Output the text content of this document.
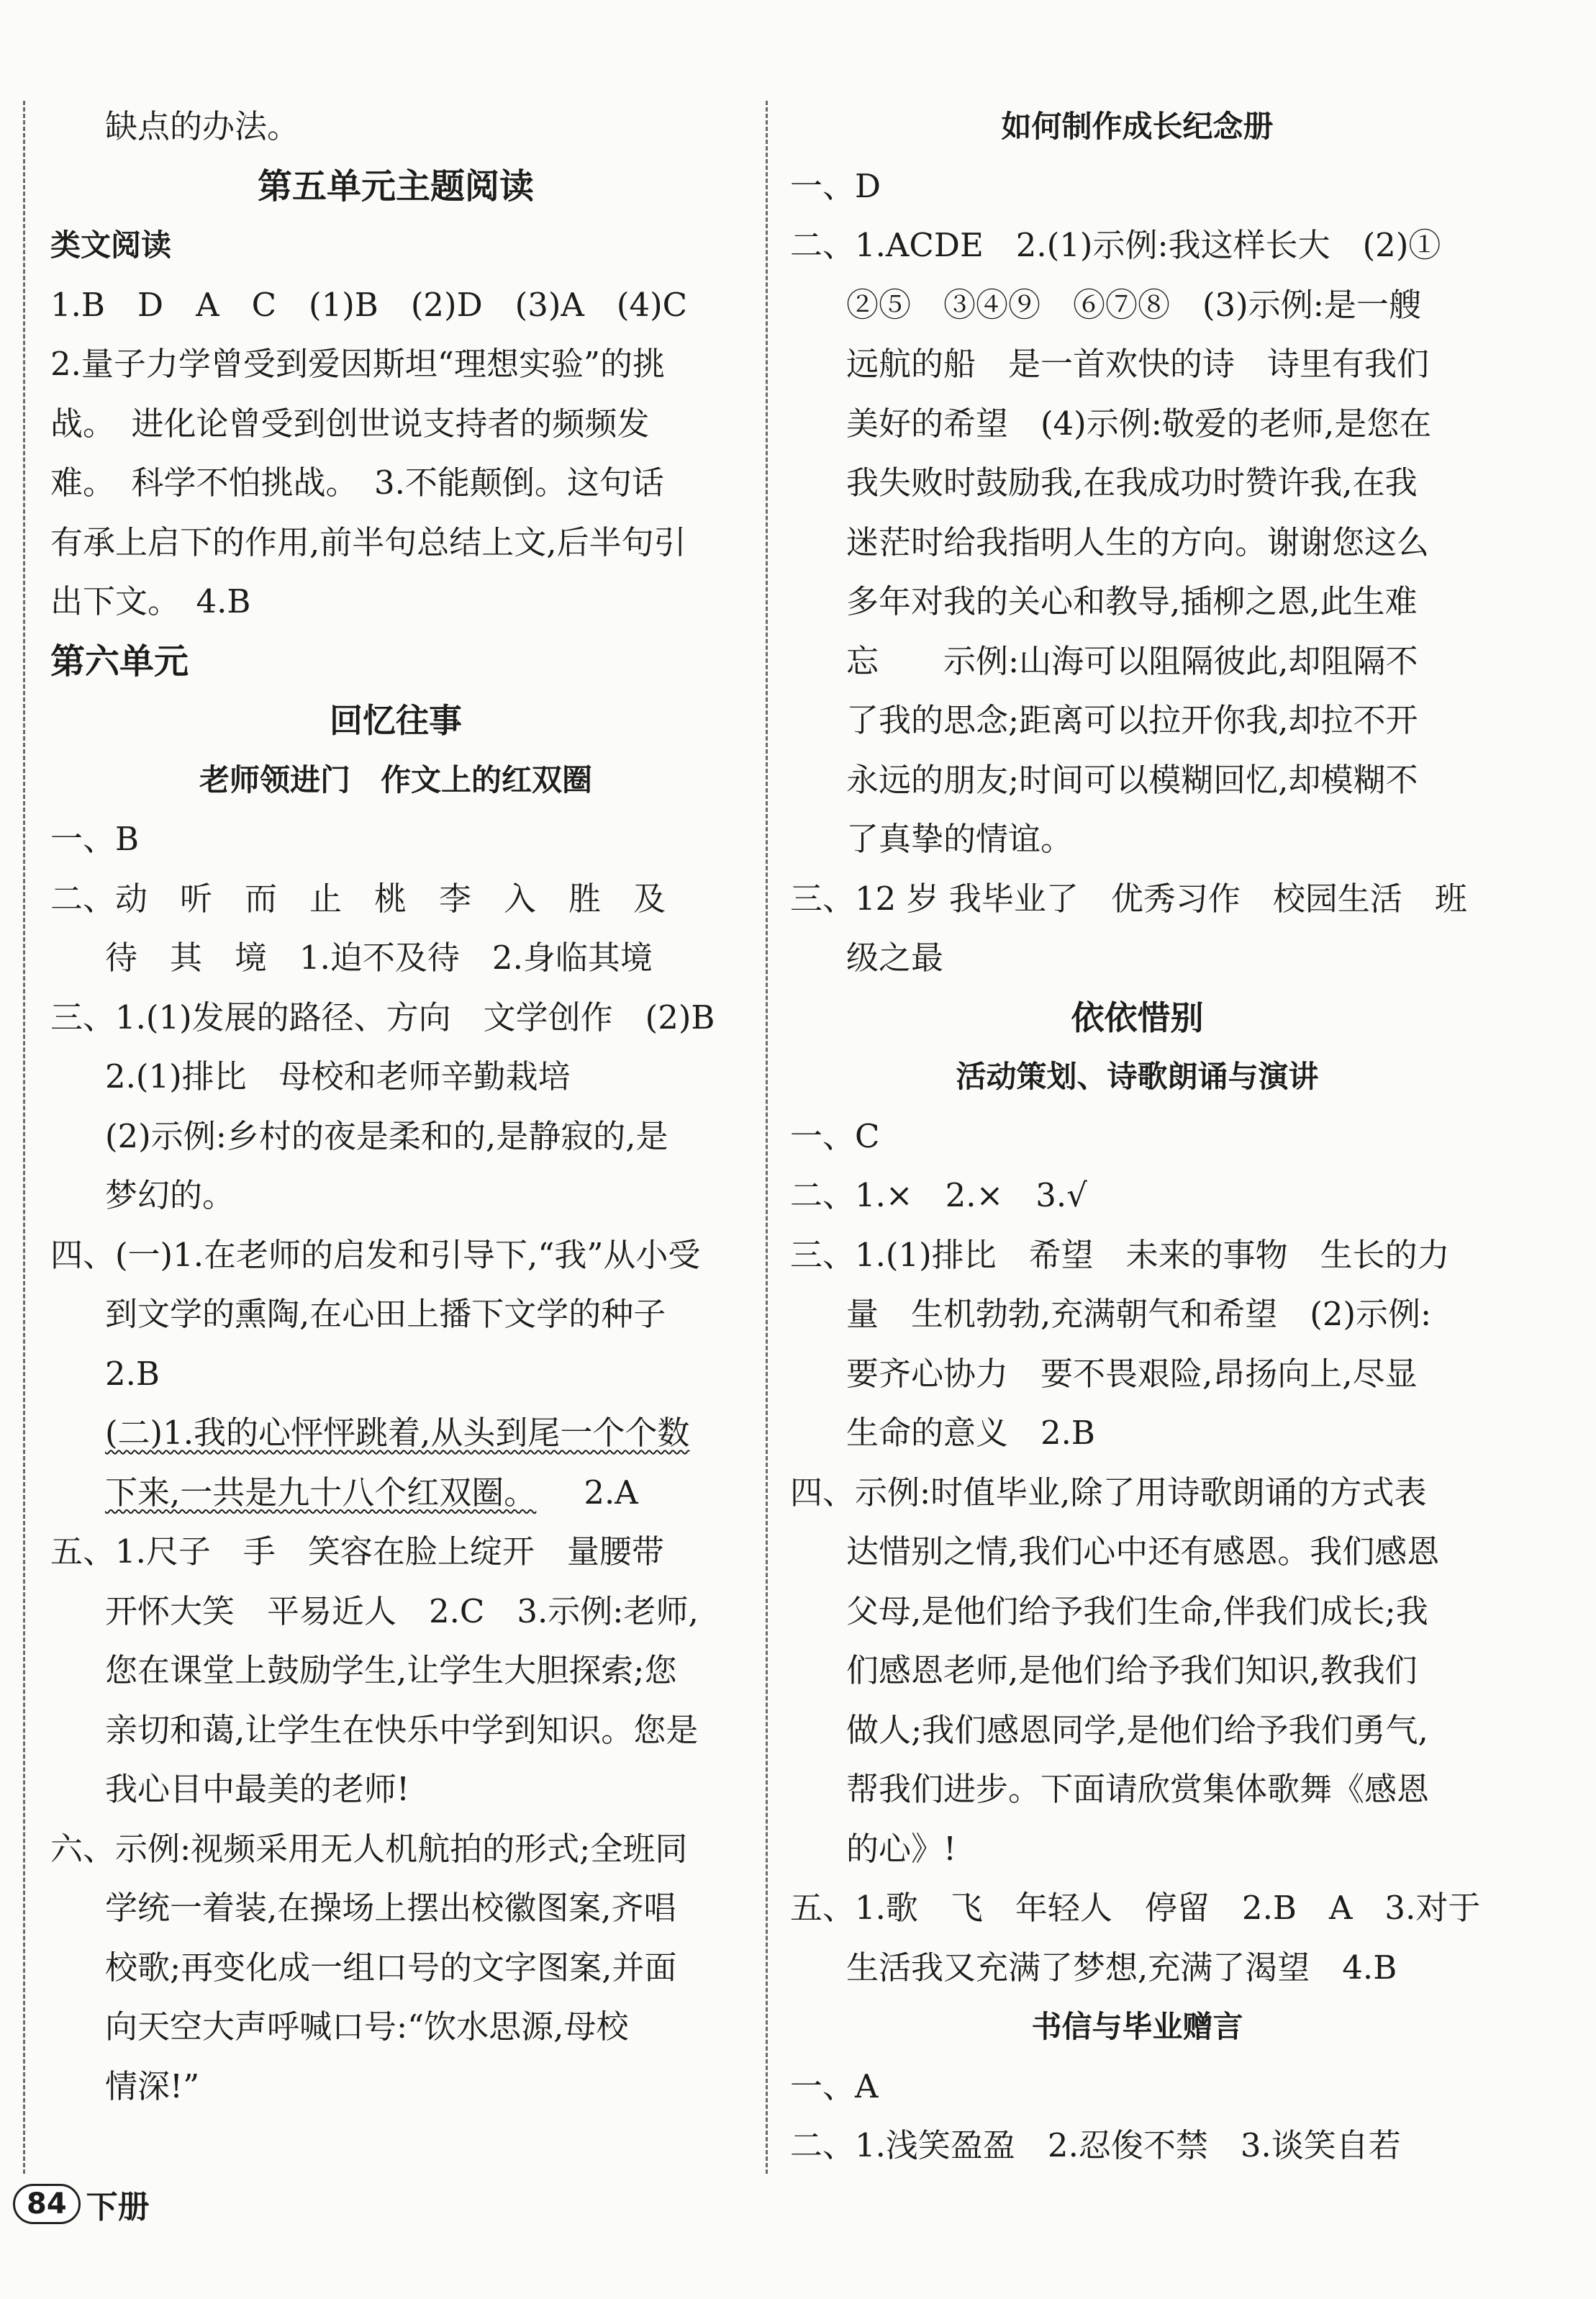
缺点的办法。
第五单元主题阅读
类文阅读
1.B　D　A　C　(1)B　(2)D　(3)A　(4)C
2.量子力学曾受到爱因斯坦“理想实验”的挑
战。　进化论曾受到创世说支持者的频频发
难。　科学不怕挑战。　3.不能颠倒。这句话
有承上启下的作用,前半句总结上文,后半句引
出下文。　4.B
第六单元
回忆往事
老师领进门　作文上的红双圈
一、B
二、动　听　而　止　桃　李　入　胜　及
待　其　境　1.迫不及待　2.身临其境
三、1.(1)发展的路径、方向　文学创作　(2)B
2.(1)排比　母校和老师辛勤栽培
(2)示例:乡村的夜是柔和的,是静寂的,是
梦幻的。
四、(一)1.在老师的启发和引导下,“我”从小受
到文学的熏陶,在心田上播下文学的种子
2.B
(二)1.我的心怦怦跳着,从头到尾一个个数
下来,一共是九十八个红双圈。 2.A
五、1.尺子　手　笑容在脸上绽开　量腰带
开怀大笑　平易近人　2.C　3.示例:老师,
您在课堂上鼓励学生,让学生大胆探索;您
亲切和蔼,让学生在快乐中学到知识。您是
我心目中最美的老师!
六、示例:视频采用无人机航拍的形式;全班同
学统一着装,在操场上摆出校徽图案,齐唱
校歌;再变化成一组口号的文字图案,并面
向天空大声呼喊口号:“饮水思源,母校
情深!”
如何制作成长纪念册
一、D
二、1.ACDE　2.(1)示例:我这样长大　(2)①
②⑤　③④⑨　⑥⑦⑧　(3)示例:是一艘
远航的船　是一首欢快的诗　诗里有我们
美好的希望　(4)示例:敬爱的老师,是您在
我失败时鼓励我,在我成功时赞许我,在我
迷茫时给我指明人生的方向。谢谢您这么
多年对我的关心和教导,插柳之恩,此生难
忘　　示例:山海可以阻隔彼此,却阻隔不
了我的思念;距离可以拉开你我,却拉不开
永远的朋友;时间可以模糊回忆,却模糊不
了真挚的情谊。
三、12 岁 我毕业了　优秀习作　校园生活　班
级之最
依依惜别
活动策划、诗歌朗诵与演讲
一、C
二、1.×　2.×　3.√
三、1.(1)排比　希望　未来的事物　生长的力
量　生机勃勃,充满朝气和希望　(2)示例:
要齐心协力　要不畏艰险,昂扬向上,尽显
生命的意义　2.B
四、示例:时值毕业,除了用诗歌朗诵的方式表
达惜别之情,我们心中还有感恩。我们感恩
父母,是他们给予我们生命,伴我们成长;我
们感恩老师,是他们给予我们知识,教我们
做人;我们感恩同学,是他们给予我们勇气,
帮我们进步。下面请欣赏集体歌舞《感恩
的心》!
五、1.歌　飞　年轻人　停留　2.B　A　3.对于
生活我又充满了梦想,充满了渴望　4.B
书信与毕业赠言
一、A
二、1.浅笑盈盈　2.忍俊不禁　3.谈笑自若
84 下册
